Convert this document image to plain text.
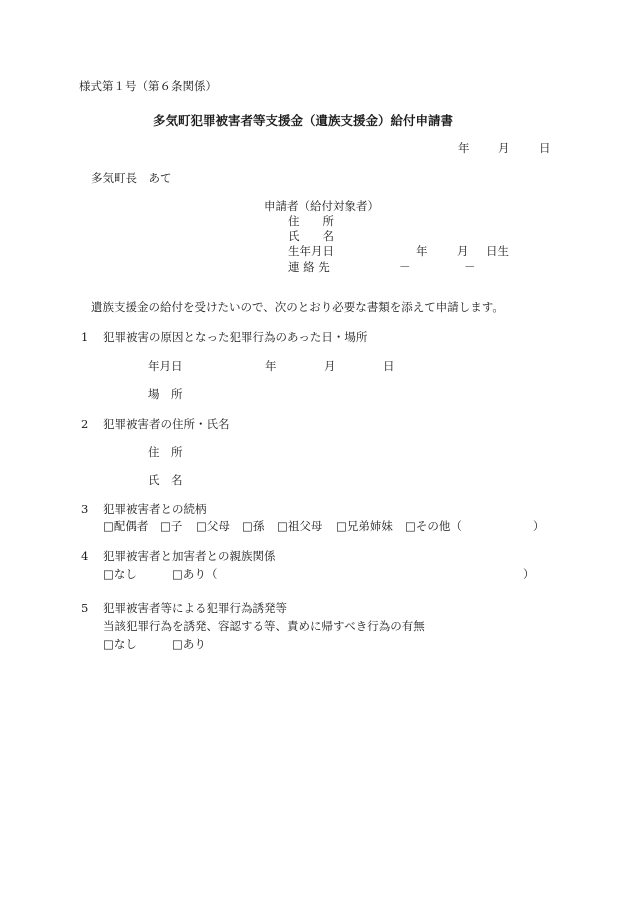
様式第１号（第６条関係）
多気町犯罪被害者等支援金（遺族支援金）給付申請書
年 月	日
多気町長　あて
申請者（給付対象者）
住　　所
氏　　名
生年月日	年	月 日生
連 絡 先	－	－
遺族支援金の給付を受けたいので、次のとおり必要な書類を添えて申請します。
1 犯罪被害の原因となった犯罪行為のあった日・場所
年月日	年	月	日
場　所
2 犯罪被害者の住所・氏名
住　所
氏　名
3 犯罪被害者との続柄
□配偶者 □子 □父母 □孫 □祖父母 □兄弟姉妹 □その他（	）
4 犯罪被害者と加害者との親族関係
□なし	□あり（	）
5 犯罪被害者等による犯罪行為誘発等
当該犯罪行為を誘発、容認する等、責めに帰すべき行為の有無
□なし	□あり
